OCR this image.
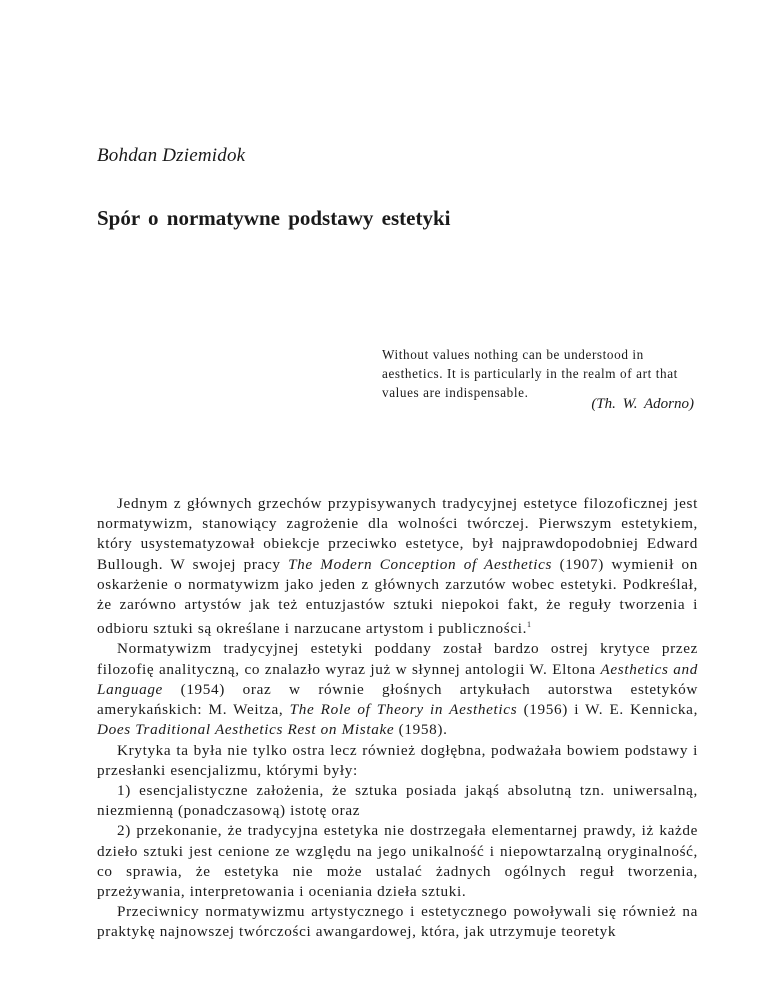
Bohdan Dziemidok
Spór o normatywne podstawy estetyki
Without values nothing can be understood in aesthetics. It is particularly in the realm of art that values are indispensable.
(Th. W. Adorno)

Jednym z głównych grzechów przypisywanych tradycyjnej estetyce filozoficznej jest normatywizm, stanowiący zagrożenie dla wolności twórczej. Pierwszym estetykiem, który usystematyzował obiekcje przeciwko estetyce, był najprawdopodobniej Edward Bullough. W swojej pracy The Modern Conception of Aesthetics (1907) wymienił on oskarżenie o normatywizm jako jeden z głównych zarzutów wobec estetyki. Podkreślał, że zarówno artystów jak też entuzjastów sztuki niepokoi fakt, że reguły tworzenia i odbioru sztuki są określane i narzucane artystom i publiczności.$^1$

Normatywizm tradycyjnej estetyki poddany został bardzo ostrej krytyce przez filozofię analityczną, co znalazło wyraz już w słynnej antologii W. Eltona Aesthetics and Language (1954) oraz w równie głośnych artykułach autorstwa estetyków amerykańskich: M. Weitza, The Role of Theory in Aesthetics (1956) i W. E. Kennicka, Does Traditional Aesthetics Rest on Mistake (1958).

Krytyka ta była nie tylko ostra lecz również dogłębna, podważała bowiem podstawy i przesłanki esencjalizmu, którymi były:

1) esencjalistyczne założenia, że sztuka posiada jakąś absolutną tzn. uniwersalną, niezmienną (ponadczasową) istotę oraz

2) przekonanie, że tradycyjna estetyka nie dostrzegała elementarnej prawdy, iż każde dzieło sztuki jest cenione ze względu na jego unikalność i niepowtarzalną oryginalność, co sprawia, że estetyka nie może ustalać żadnych ogólnych reguł tworzenia, przeżywania, interpretowania i oceniania dzieła sztuki.

Przeciwnicy normatywizmu artystycznego i estetycznego powoływali się również na praktykę najnowszej twórczości awangardowej, która, jak utrzymuje teoretyk
